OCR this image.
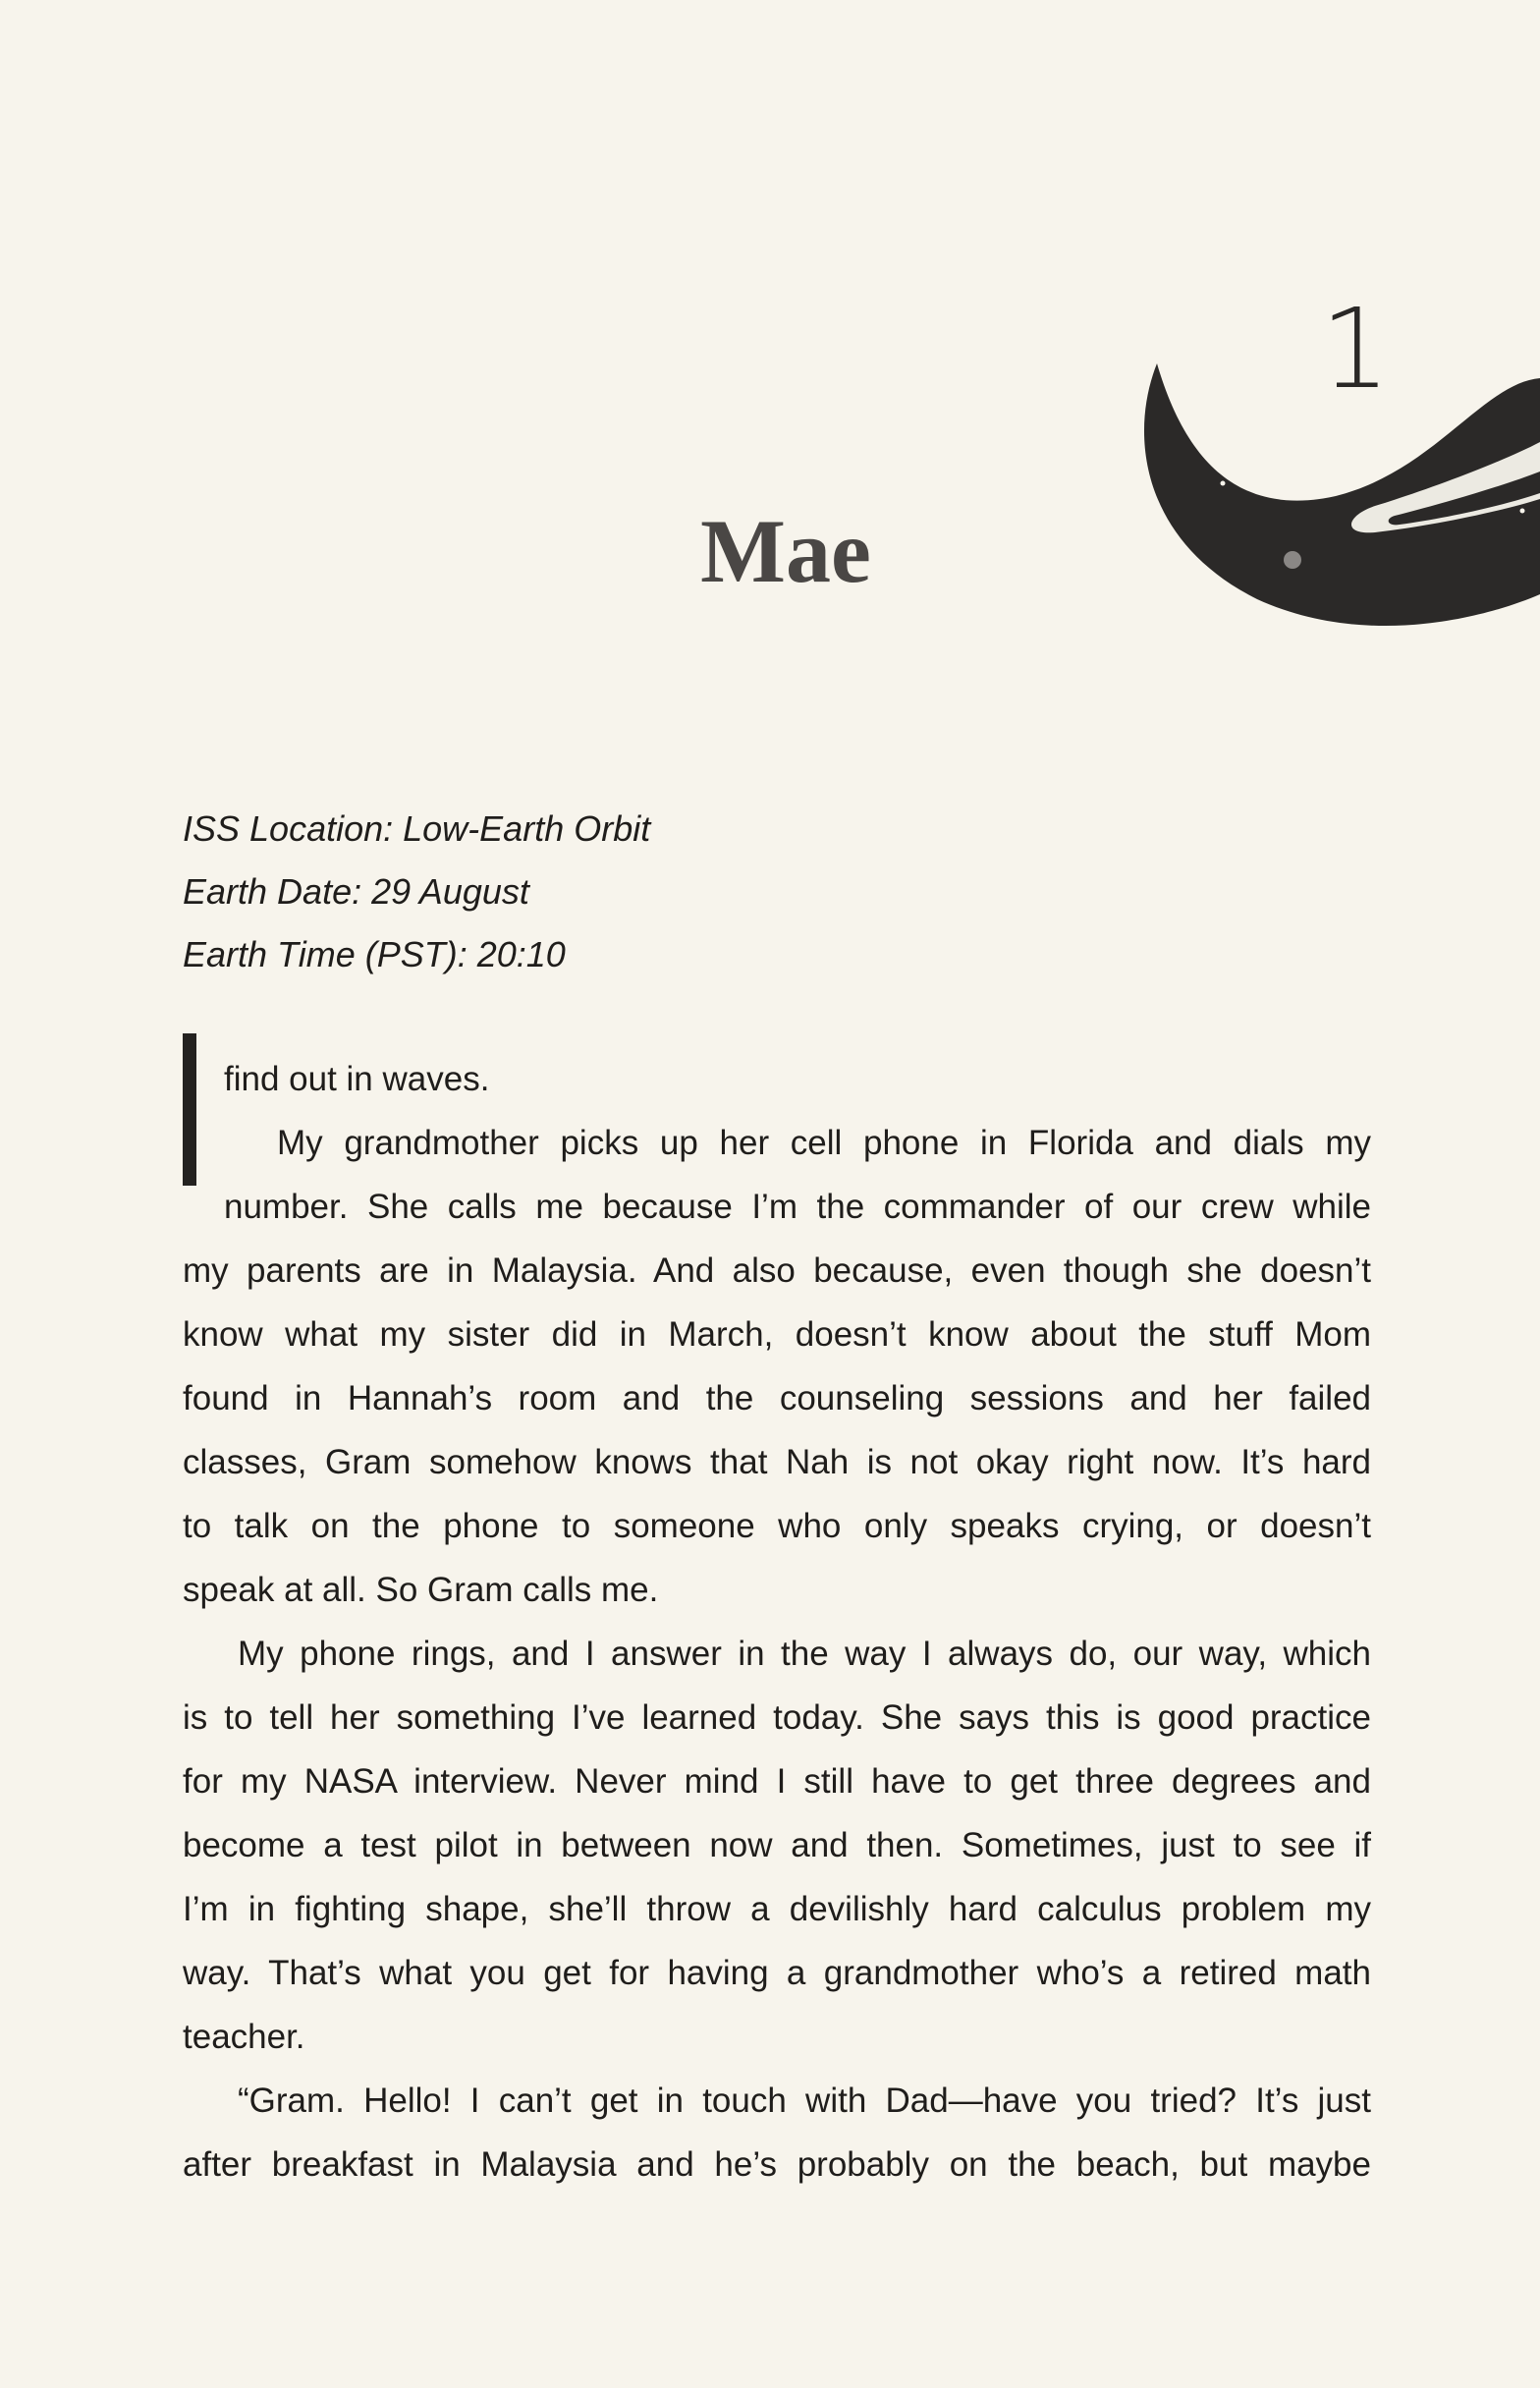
1
Mae
ISS Location: Low-Earth Orbit
Earth Date: 29 August
Earth Time (PST): 20:10
find out in waves.
My grandmother picks up her cell phone in Florida and dials my
number. She calls me because I’m the commander of our crew while
my parents are in Malaysia. And also because, even though she doesn’t
know what my sister did in March, doesn’t know about the stuff Mom
found in Hannah’s room and the counseling sessions and her failed
classes, Gram somehow knows that Nah is not okay right now. It’s hard
to talk on the phone to someone who only speaks crying, or doesn’t
speak at all. So Gram calls me.
My phone rings, and I answer in the way I always do, our way, which
is to tell her something I’ve learned today. She says this is good practice
for my NASA interview. Never mind I still have to get three degrees and
become a test pilot in between now and then. Sometimes, just to see if
I’m in fighting shape, she’ll throw a devilishly hard calculus problem my
way. That’s what you get for having a grandmother who’s a retired math
teacher.
“Gram. Hello! I can’t get in touch with Dad—have you tried? It’s just
after breakfast in Malaysia and he’s probably on the beach, but maybe
